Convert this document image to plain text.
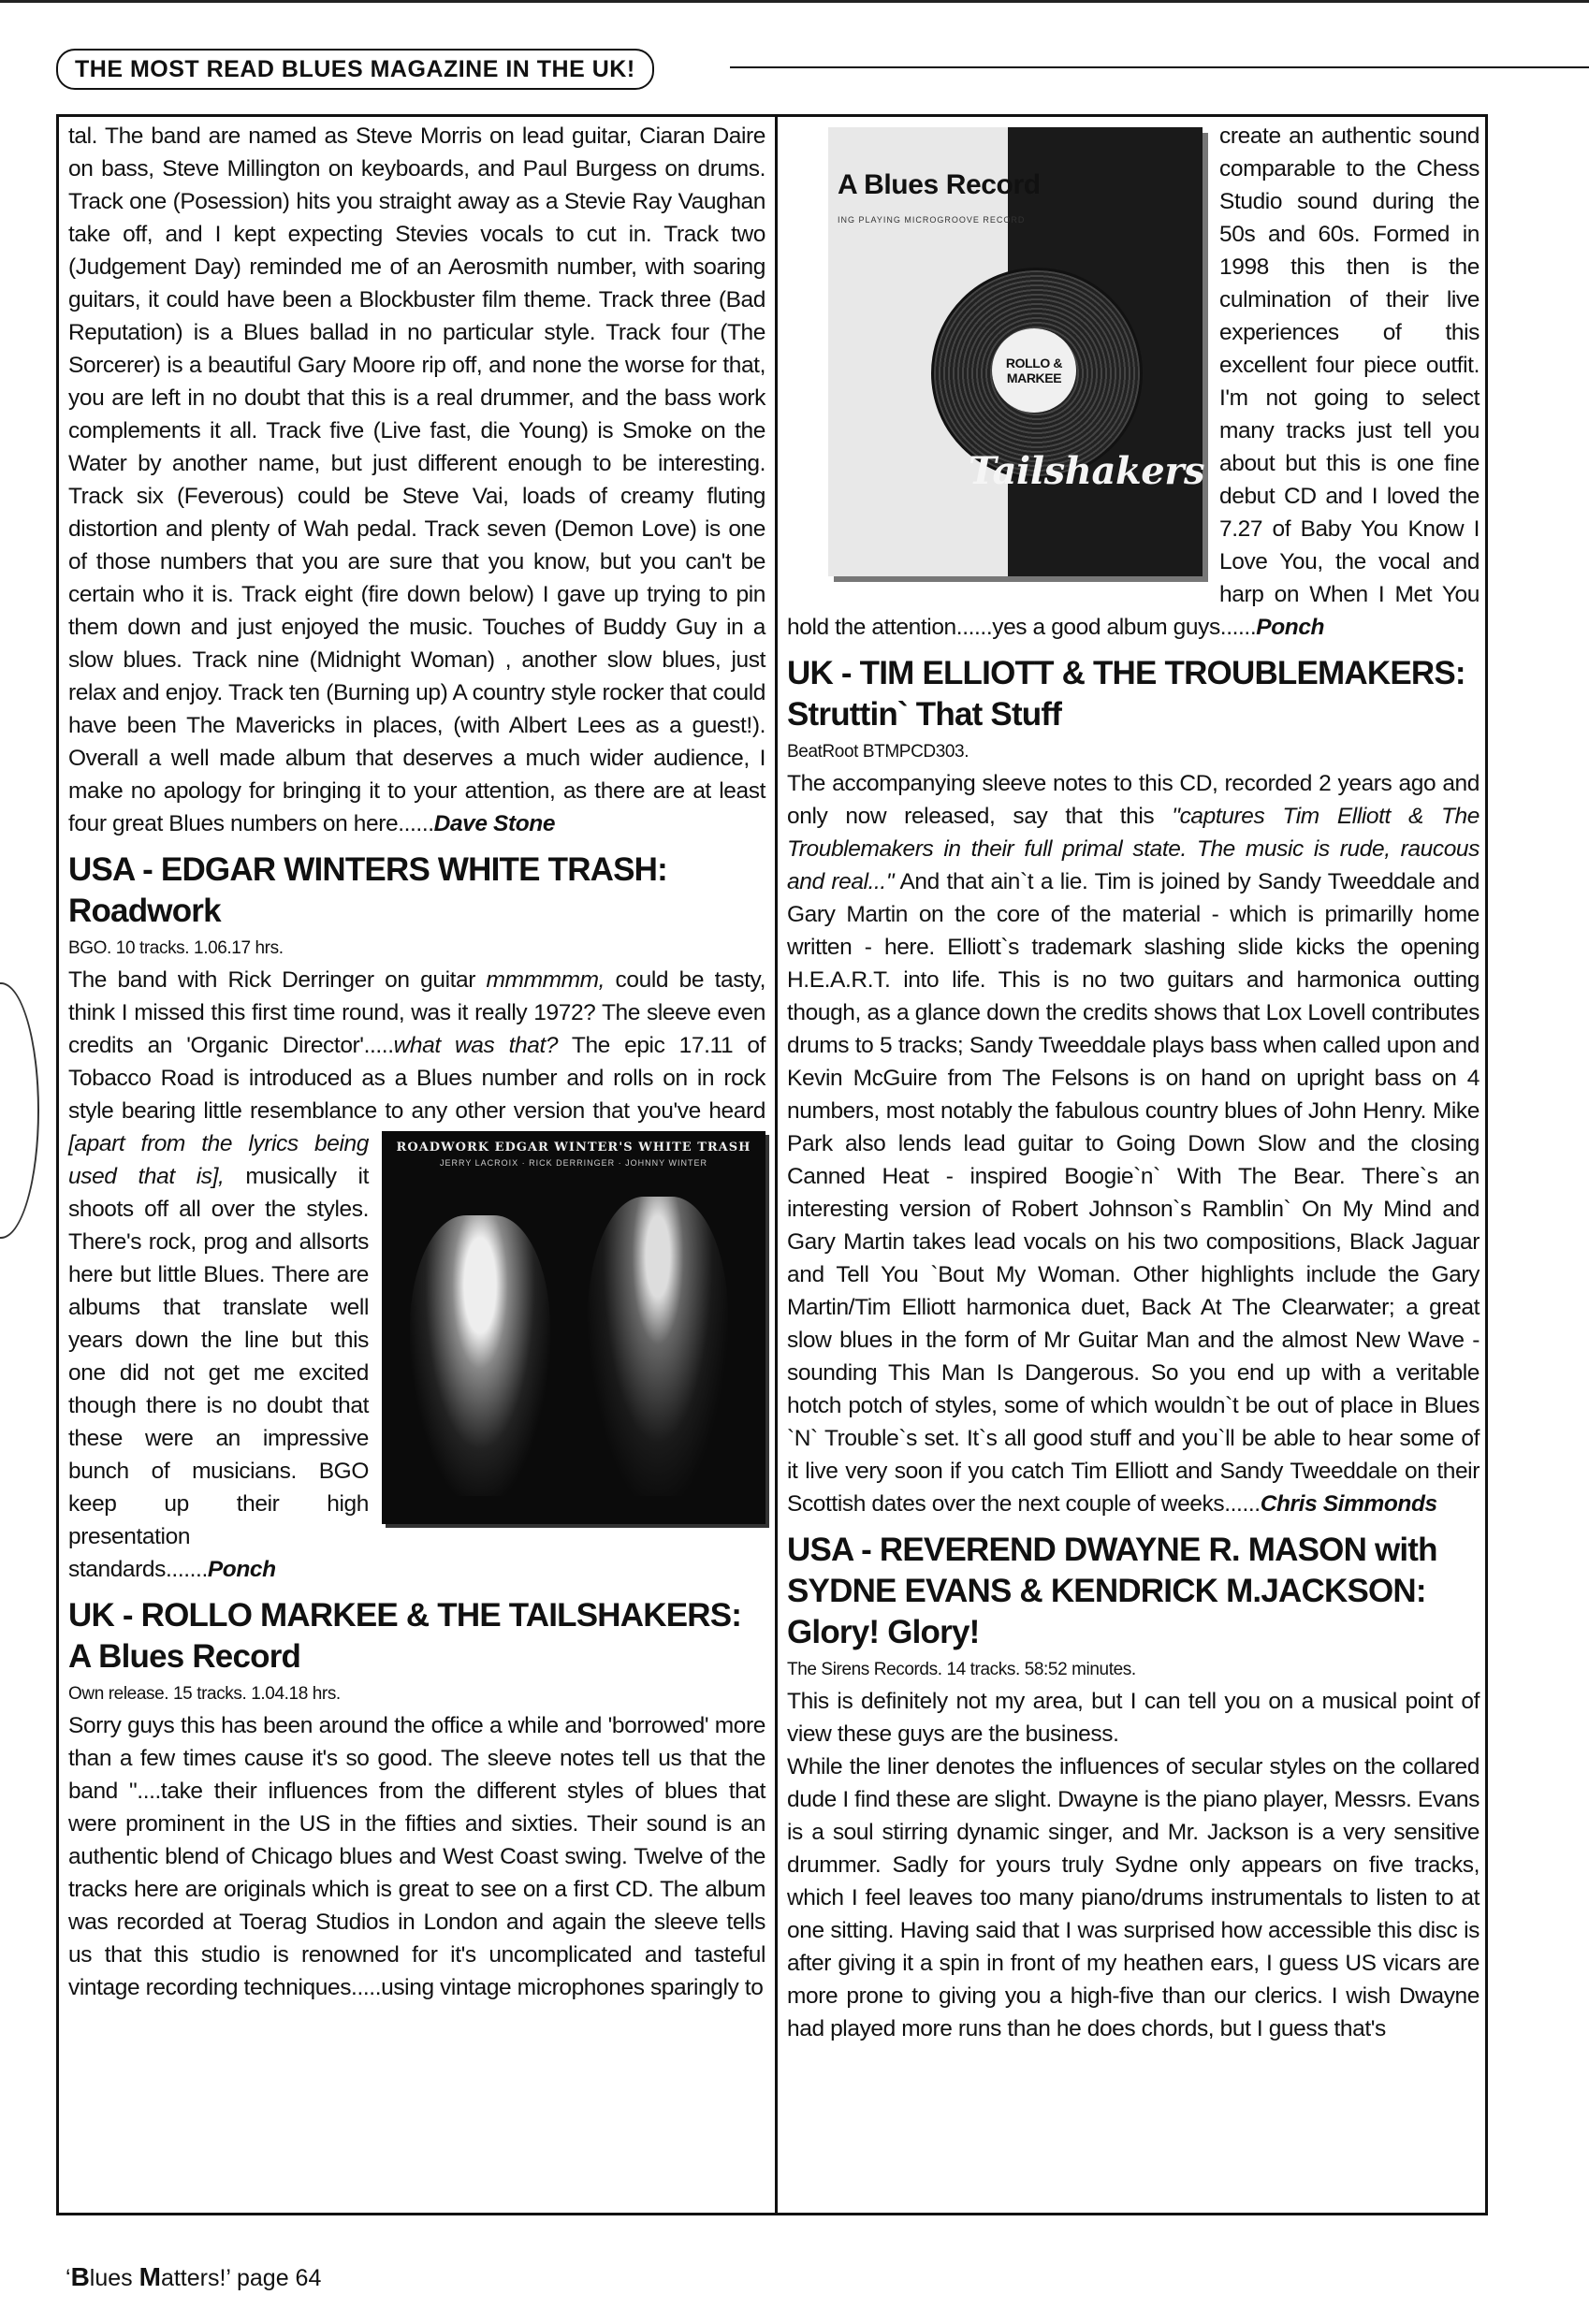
THE MOST READ BLUES MAGAZINE IN THE UK!

tal. The band are named as Steve Morris on lead guitar, Ciaran Daire on bass, Steve Millington on keyboards, and Paul Burgess on drums. Track one (Posession) hits you straight away as a Stevie Ray Vaughan take off, and I kept expecting Stevies vocals to cut in. Track two (Judgement Day) reminded me of an Aerosmith number, with soaring guitars, it could have been a Blockbuster film theme. Track three (Bad Reputation) is a Blues ballad in no particular style. Track four (The Sorcerer) is a beautiful Gary Moore rip off, and none the worse for that, you are left in no doubt that this is a real drummer, and the bass work complements it all. Track five (Live fast, die Young) is Smoke on the Water by another name, but just different enough to be interesting. Track six (Feverous) could be Steve Vai, loads of creamy fluting distortion and plenty of Wah pedal. Track seven (Demon Love) is one of those numbers that you are sure that you know, but you can't be certain who it is. Track eight (fire down below) I gave up trying to pin them down and just enjoyed the music. Touches of Buddy Guy in a slow blues. Track nine (Midnight Woman) , another slow blues, just relax and enjoy. Track ten (Burning up) A country style rocker that could have been The Mavericks in places, (with Albert Lees as a guest!). Overall a well made album that deserves a much wider audience, I make no apology for bringing it to your attention, as there are at least four great Blues numbers on here......Dave Stone

USA - EDGAR WINTERS WHITE TRASH: Roadwork
BGO. 10 tracks. 1.06.17 hrs.

The band with Rick Derringer on guitar mmmmmm, could be tasty, think I missed this first time round, was it really 1972? The sleeve even credits an 'Organic Director'.....what was that? The epic 17.11 of Tobacco Road is introduced as a Blues number and rolls on in rock style bearing little resemblance to any other version that you've heard
ROADWORK EDGAR WINTER'S WHITE TRASH
JERRY LACROIX · RICK DERRINGER · JOHNNY WINTER
[apart from the lyrics being used that is], musically it shoots off all over the styles. There's rock, prog and allsorts here but little Blues. There are albums that translate well years down the line but this one did not get me excited though there is no doubt that these were an impressive bunch of musicians. BGO keep up their high presentation standards.......Ponch

UK - ROLLO MARKEE & THE TAILSHAKERS: A Blues Record
Own release. 15 tracks. 1.04.18 hrs.

Sorry guys this has been around the office a while and 'borrowed' more than a few times cause it's so good. The sleeve notes tell us that the band "....take their influences from the different styles of blues that were prominent in the US in the fifties and sixties. Their sound is an authentic blend of Chicago blues and West Coast swing. Twelve of the tracks here are originals which is great to see on a first CD. The album was recorded at Toerag Studios in London and again the sleeve tells us that this studio is renowned for it's uncomplicated and tasteful vintage recording techniques.....using vintage microphones sparingly to

A Blues Record
ING PLAYING MICROGROOVE RECORD
ROLLO & MARKEE
Tailshakers
create an authentic sound comparable to the Chess Studio sound during the 50s and 60s. Formed in 1998 this then is the culmination of their live experiences of this excellent four piece outfit. I'm not going to select many tracks just tell you about but this is one fine debut CD and I loved the 7.27 of Baby You Know I Love You, the vocal and harp on When I Met You hold the attention......yes a good album guys......Ponch

UK - TIM ELLIOTT & THE TROUBLEMAKERS: Struttin` That Stuff
BeatRoot BTMPCD303.

The accompanying sleeve notes to this CD, recorded 2 years ago and only now released, say that this "captures Tim Elliott & The Troublemakers in their full primal state. The music is rude, raucous and real..." And that ain`t a lie. Tim is joined by Sandy Tweeddale and Gary Martin on the core of the material - which is primarilly home written - here. Elliott`s trademark slashing slide kicks the opening H.E.A.R.T. into life. This is no two guitars and harmonica outting though, as a glance down the credits shows that Lox Lovell contributes drums to 5 tracks; Sandy Tweeddale plays bass when called upon and Kevin McGuire from The Felsons is on hand on upright bass on 4 numbers, most notably the fabulous country blues of John Henry. Mike Park also lends lead guitar to Going Down Slow and the closing Canned Heat - inspired Boogie`n` With The Bear. There`s an interesting version of Robert Johnson`s Ramblin` On My Mind and Gary Martin takes lead vocals on his two compositions, Black Jaguar and Tell You `Bout My Woman. Other highlights include the Gary Martin/Tim Elliott harmonica duet, Back At The Clearwater; a great slow blues in the form of Mr Guitar Man and the almost New Wave - sounding This Man Is Dangerous. So you end up with a veritable hotch potch of styles, some of which wouldn`t be out of place in Blues `N` Trouble`s set. It`s all good stuff and you`ll be able to hear some of it live very soon if you catch Tim Elliott and Sandy Tweeddale on their Scottish dates over the next couple of weeks......Chris Simmonds

USA - REVEREND DWAYNE R. MASON with SYDNE EVANS & KENDRICK M.JACKSON: Glory! Glory!
The Sirens Records. 14 tracks. 58:52 minutes.

This is definitely not my area, but I can tell you on a musical point of view these guys are the business.

While the liner denotes the influences of secular styles on the collared dude I find these are slight. Dwayne is the piano player, Messrs. Evans is a soul stirring dynamic singer, and Mr. Jackson is a very sensitive drummer. Sadly for yours truly Sydne only appears on five tracks, which I feel leaves too many piano/drums instrumentals to listen to at one sitting. Having said that I was surprised how accessible this disc is after giving it a spin in front of my heathen ears, I guess US vicars are more prone to giving you a high-five than our clerics. I wish Dwayne had played more runs than he does chords, but I guess that's

‘Blues Matters!’ page 64
